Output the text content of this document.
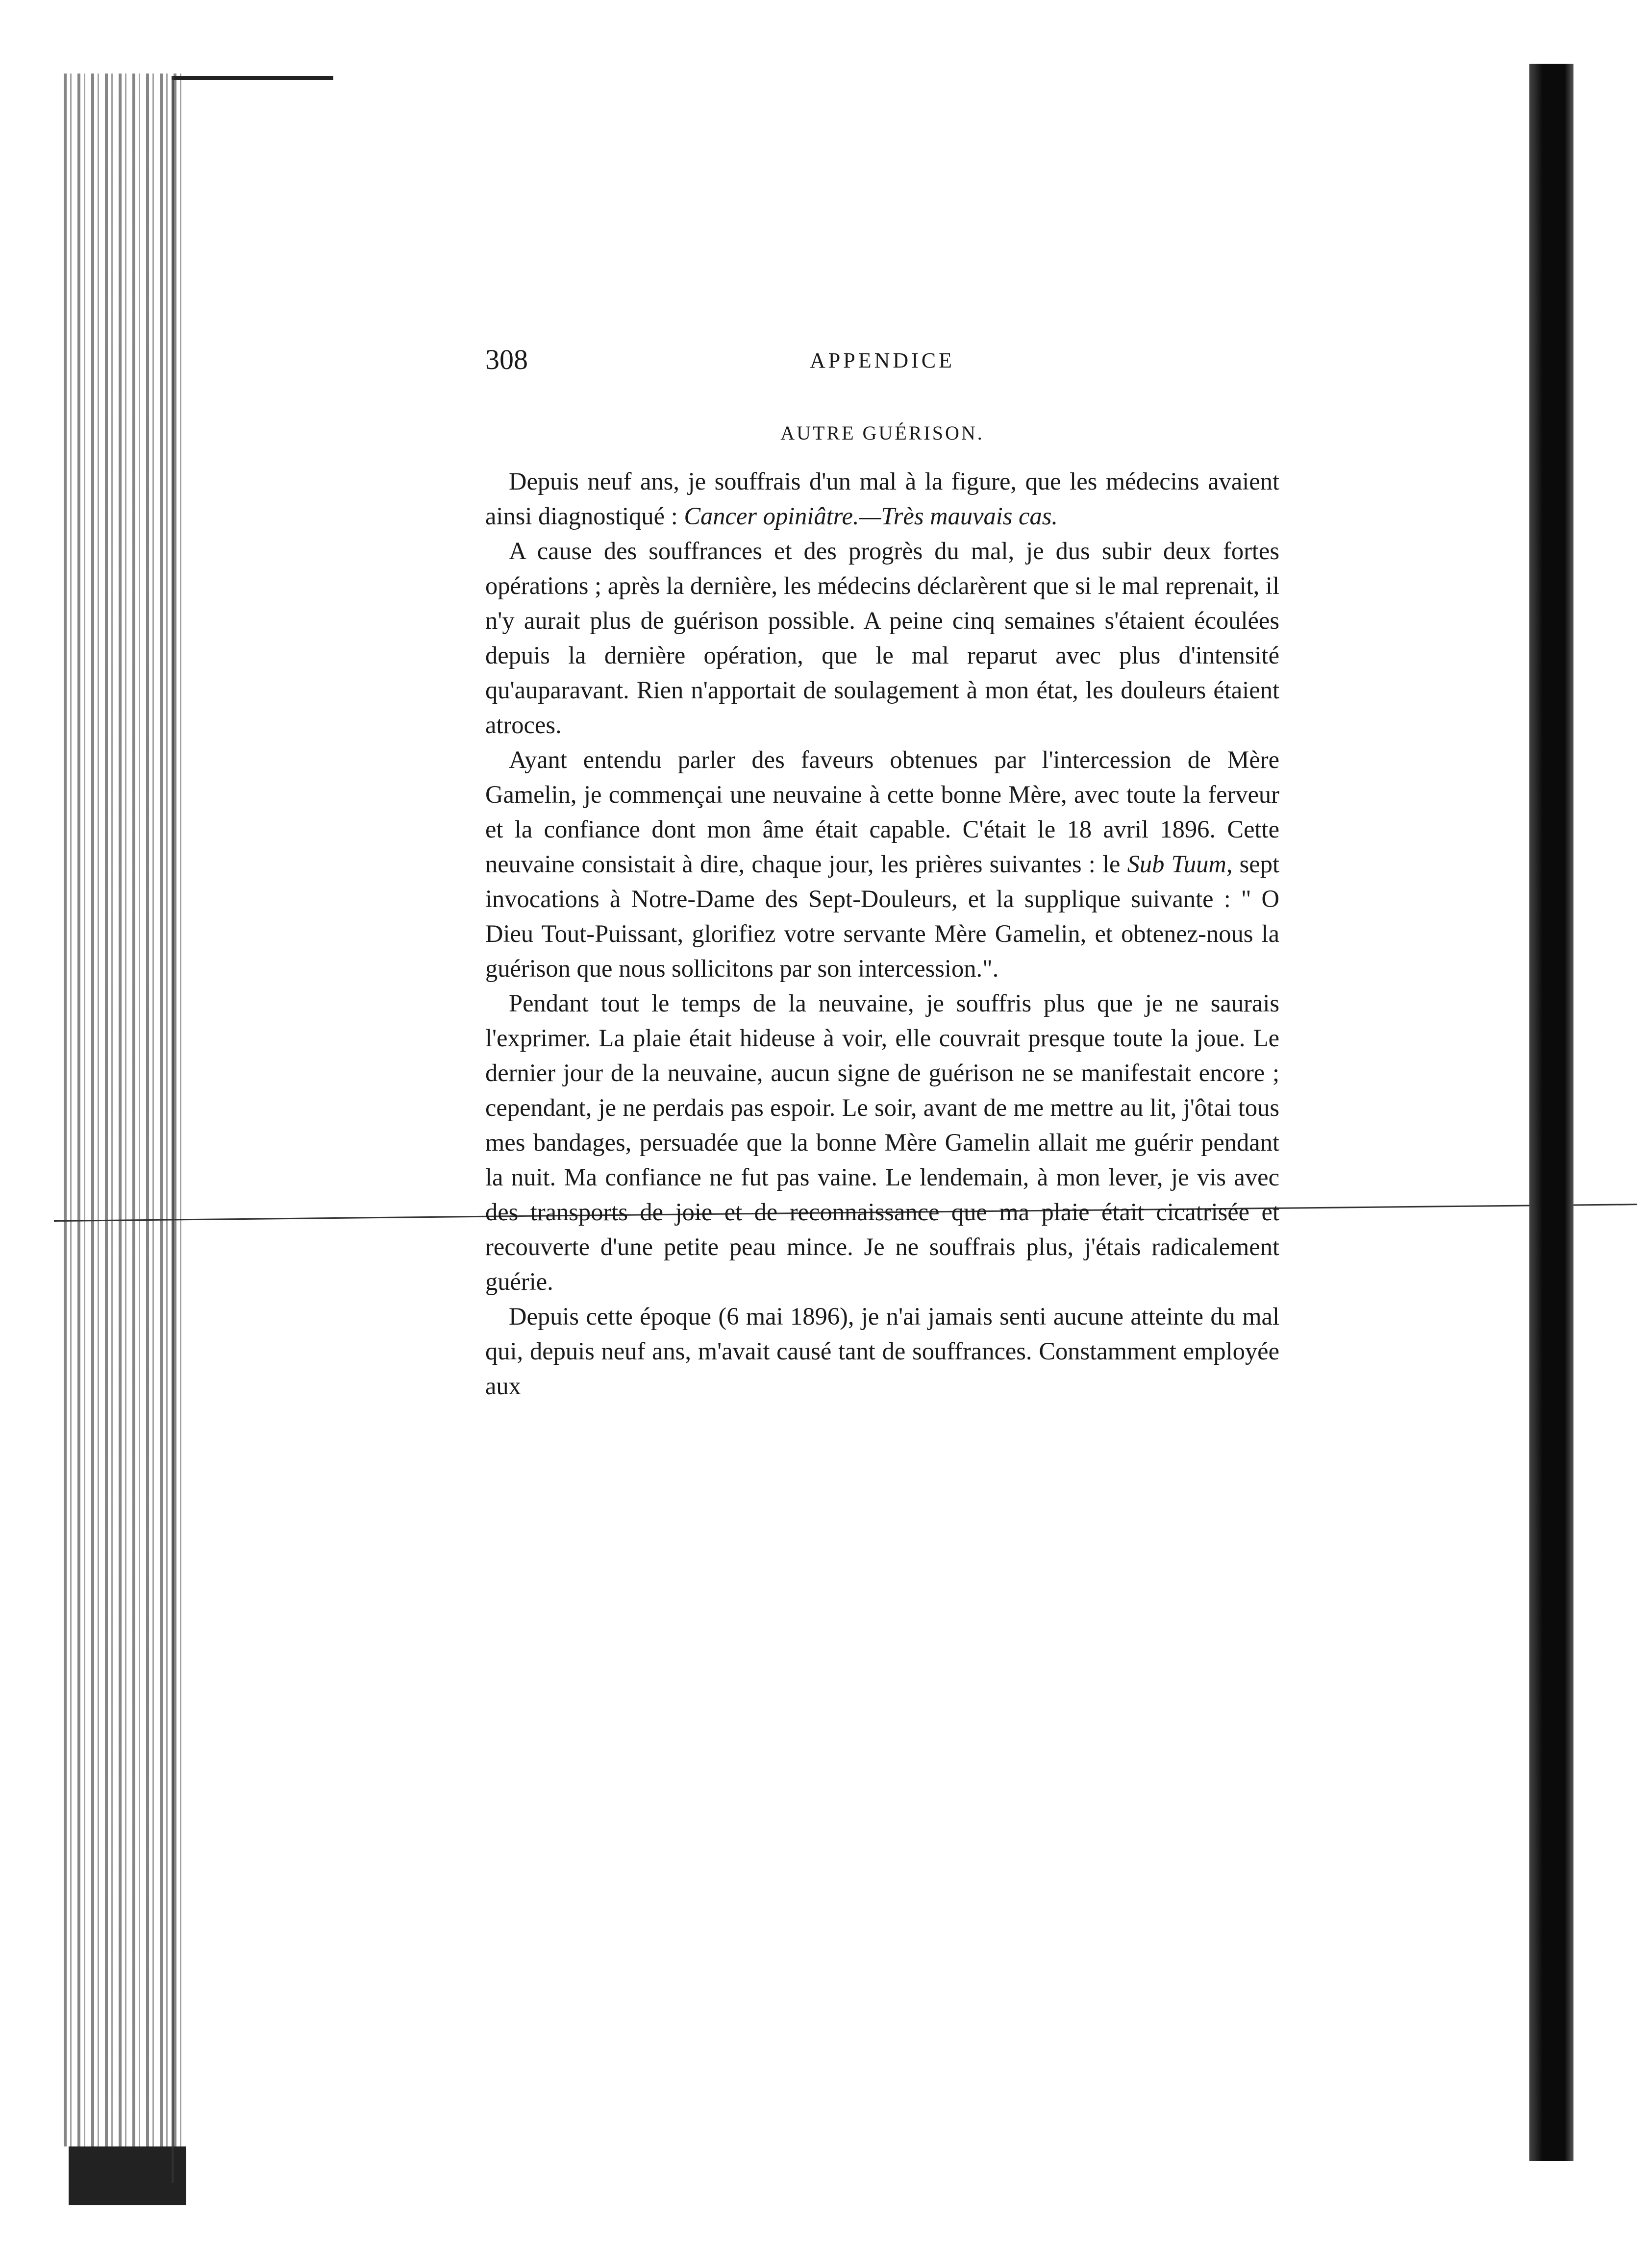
308	APPENDICE
AUTRE GUÉRISON.

Depuis neuf ans, je souffrais d'un mal à la figure, que les médecins avaient ainsi diagnostiqué : Cancer opiniâtre.—Très mauvais cas.

A cause des souffrances et des progrès du mal, je dus subir deux fortes opérations ; après la dernière, les médecins déclarèrent que si le mal reprenait, il n'y aurait plus de guérison possible. A peine cinq semaines s'étaient écoulées depuis la dernière opération, que le mal reparut avec plus d'intensité qu'auparavant. Rien n'apportait de soulagement à mon état, les douleurs étaient atroces.

Ayant entendu parler des faveurs obtenues par l'intercession de Mère Gamelin, je commençai une neuvaine à cette bonne Mère, avec toute la ferveur et la confiance dont mon âme était capable. C'était le 18 avril 1896. Cette neuvaine consistait à dire, chaque jour, les prières suivantes : le Sub Tuum, sept invocations à Notre-Dame des Sept-Douleurs, et la supplique suivante : " O Dieu Tout-Puissant, glorifiez votre servante Mère Gamelin, et obtenez-nous la guérison que nous sollicitons par son intercession.".

Pendant tout le temps de la neuvaine, je souffris plus que je ne saurais l'exprimer. La plaie était hideuse à voir, elle couvrait presque toute la joue. Le dernier jour de la neuvaine, aucun signe de guérison ne se manifestait encore ; cependant, je ne perdais pas espoir. Le soir, avant de me mettre au lit, j'ôtai tous mes bandages, persuadée que la bonne Mère Gamelin allait me guérir pendant la nuit. Ma confiance ne fut pas vaine. Le lendemain, à mon lever, je vis avec des transports de joie et de reconnaissance que ma plaie était cicatrisée et recouverte d'une petite peau mince. Je ne souffrais plus, j'étais radicalement guérie.

Depuis cette époque (6 mai 1896), je n'ai jamais senti aucune atteinte du mal qui, depuis neuf ans, m'avait causé tant de souffrances. Constamment employée aux
